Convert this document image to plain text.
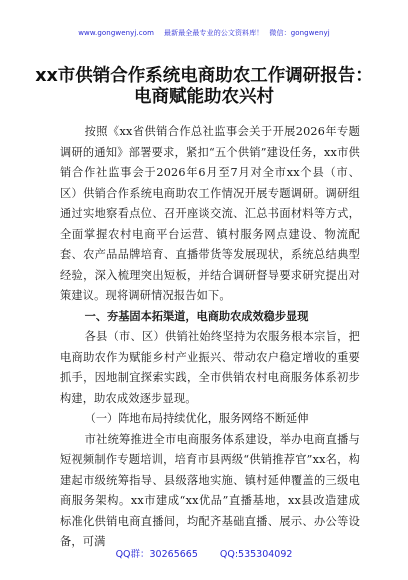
www.gongwenyj.com 最新最全最专业的公文资料库！ 微信：gongwenyj
xx市供销合作系统电商助农工作调研报告：
电商赋能助农兴村

按照《xx省供销合作总社监事会关于开展2026年专题调研的通知》部署要求，紧扣“五个供销”建设任务，xx市供销合作社监事会于2026年6月至7月对全市xx个县（市、区）供销合作系统电商助农工作情况开展专题调研。调研组通过实地察看点位、召开座谈交流、汇总书面材料等方式，全面掌握农村电商平台运营、镇村服务网点建设、物流配套、农产品品牌培育、直播带货等发展现状，系统总结典型经验，深入梳理突出短板，并结合调研督导要求研究提出对策建议。现将调研情况报告如下。

一、夯基固本拓渠道，电商助农成效稳步显现

各县（市、区）供销社始终坚持为农服务根本宗旨，把电商助农作为赋能乡村产业振兴、带动农户稳定增收的重要抓手，因地制宜探索实践，全市供销农村电商服务体系初步构建，助农成效逐步显现。

（一）阵地布局持续优化，服务网络不断延伸

市社统筹推进全市电商服务体系建设，举办电商直播与短视频制作专题培训，培育市县两级“供销推荐官”xx名，构建起市级统筹指导、县级落地实施、镇村延伸覆盖的三级电商服务架构。xx市建成“xx优品”直播基地，xx县改造建成标准化供销电商直播间，均配齐基础直播、展示、办公等设备，可满

QQ群：30265665 QQ:535304092
